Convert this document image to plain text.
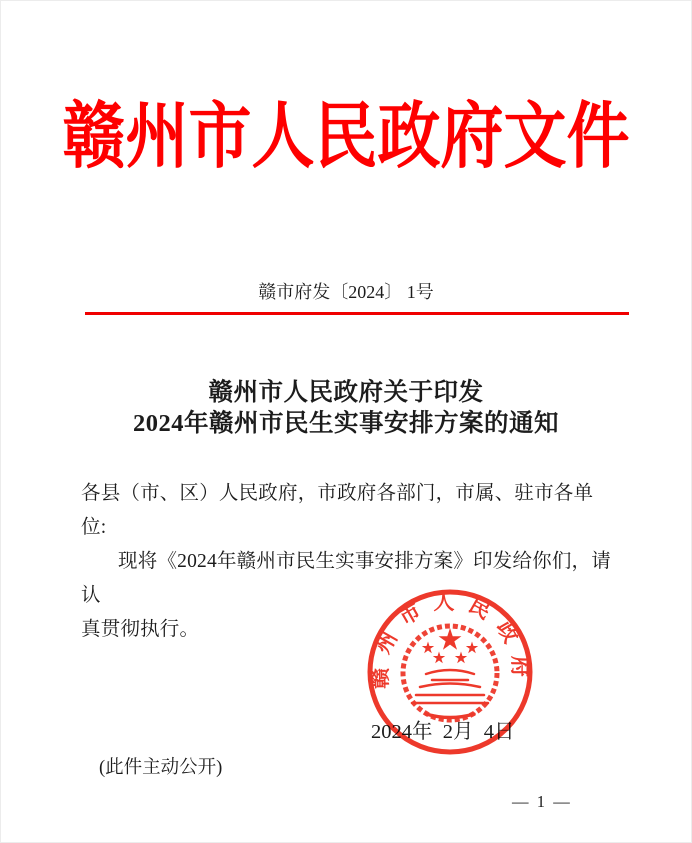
赣州市人民政府文件
赣市府发〔2024〕 1号
赣州市人民政府关于印发
2024年赣州市民生实事安排方案的通知
各县（市、区）人民政府，市政府各部门，市属、驻市各单位:
现将《2024年赣州市民生实事安排方案》印发给你们，请认
真贯彻执行。
2024年  2月  4日
赣州市人民政府
(此件主动公开)
—  1  —
